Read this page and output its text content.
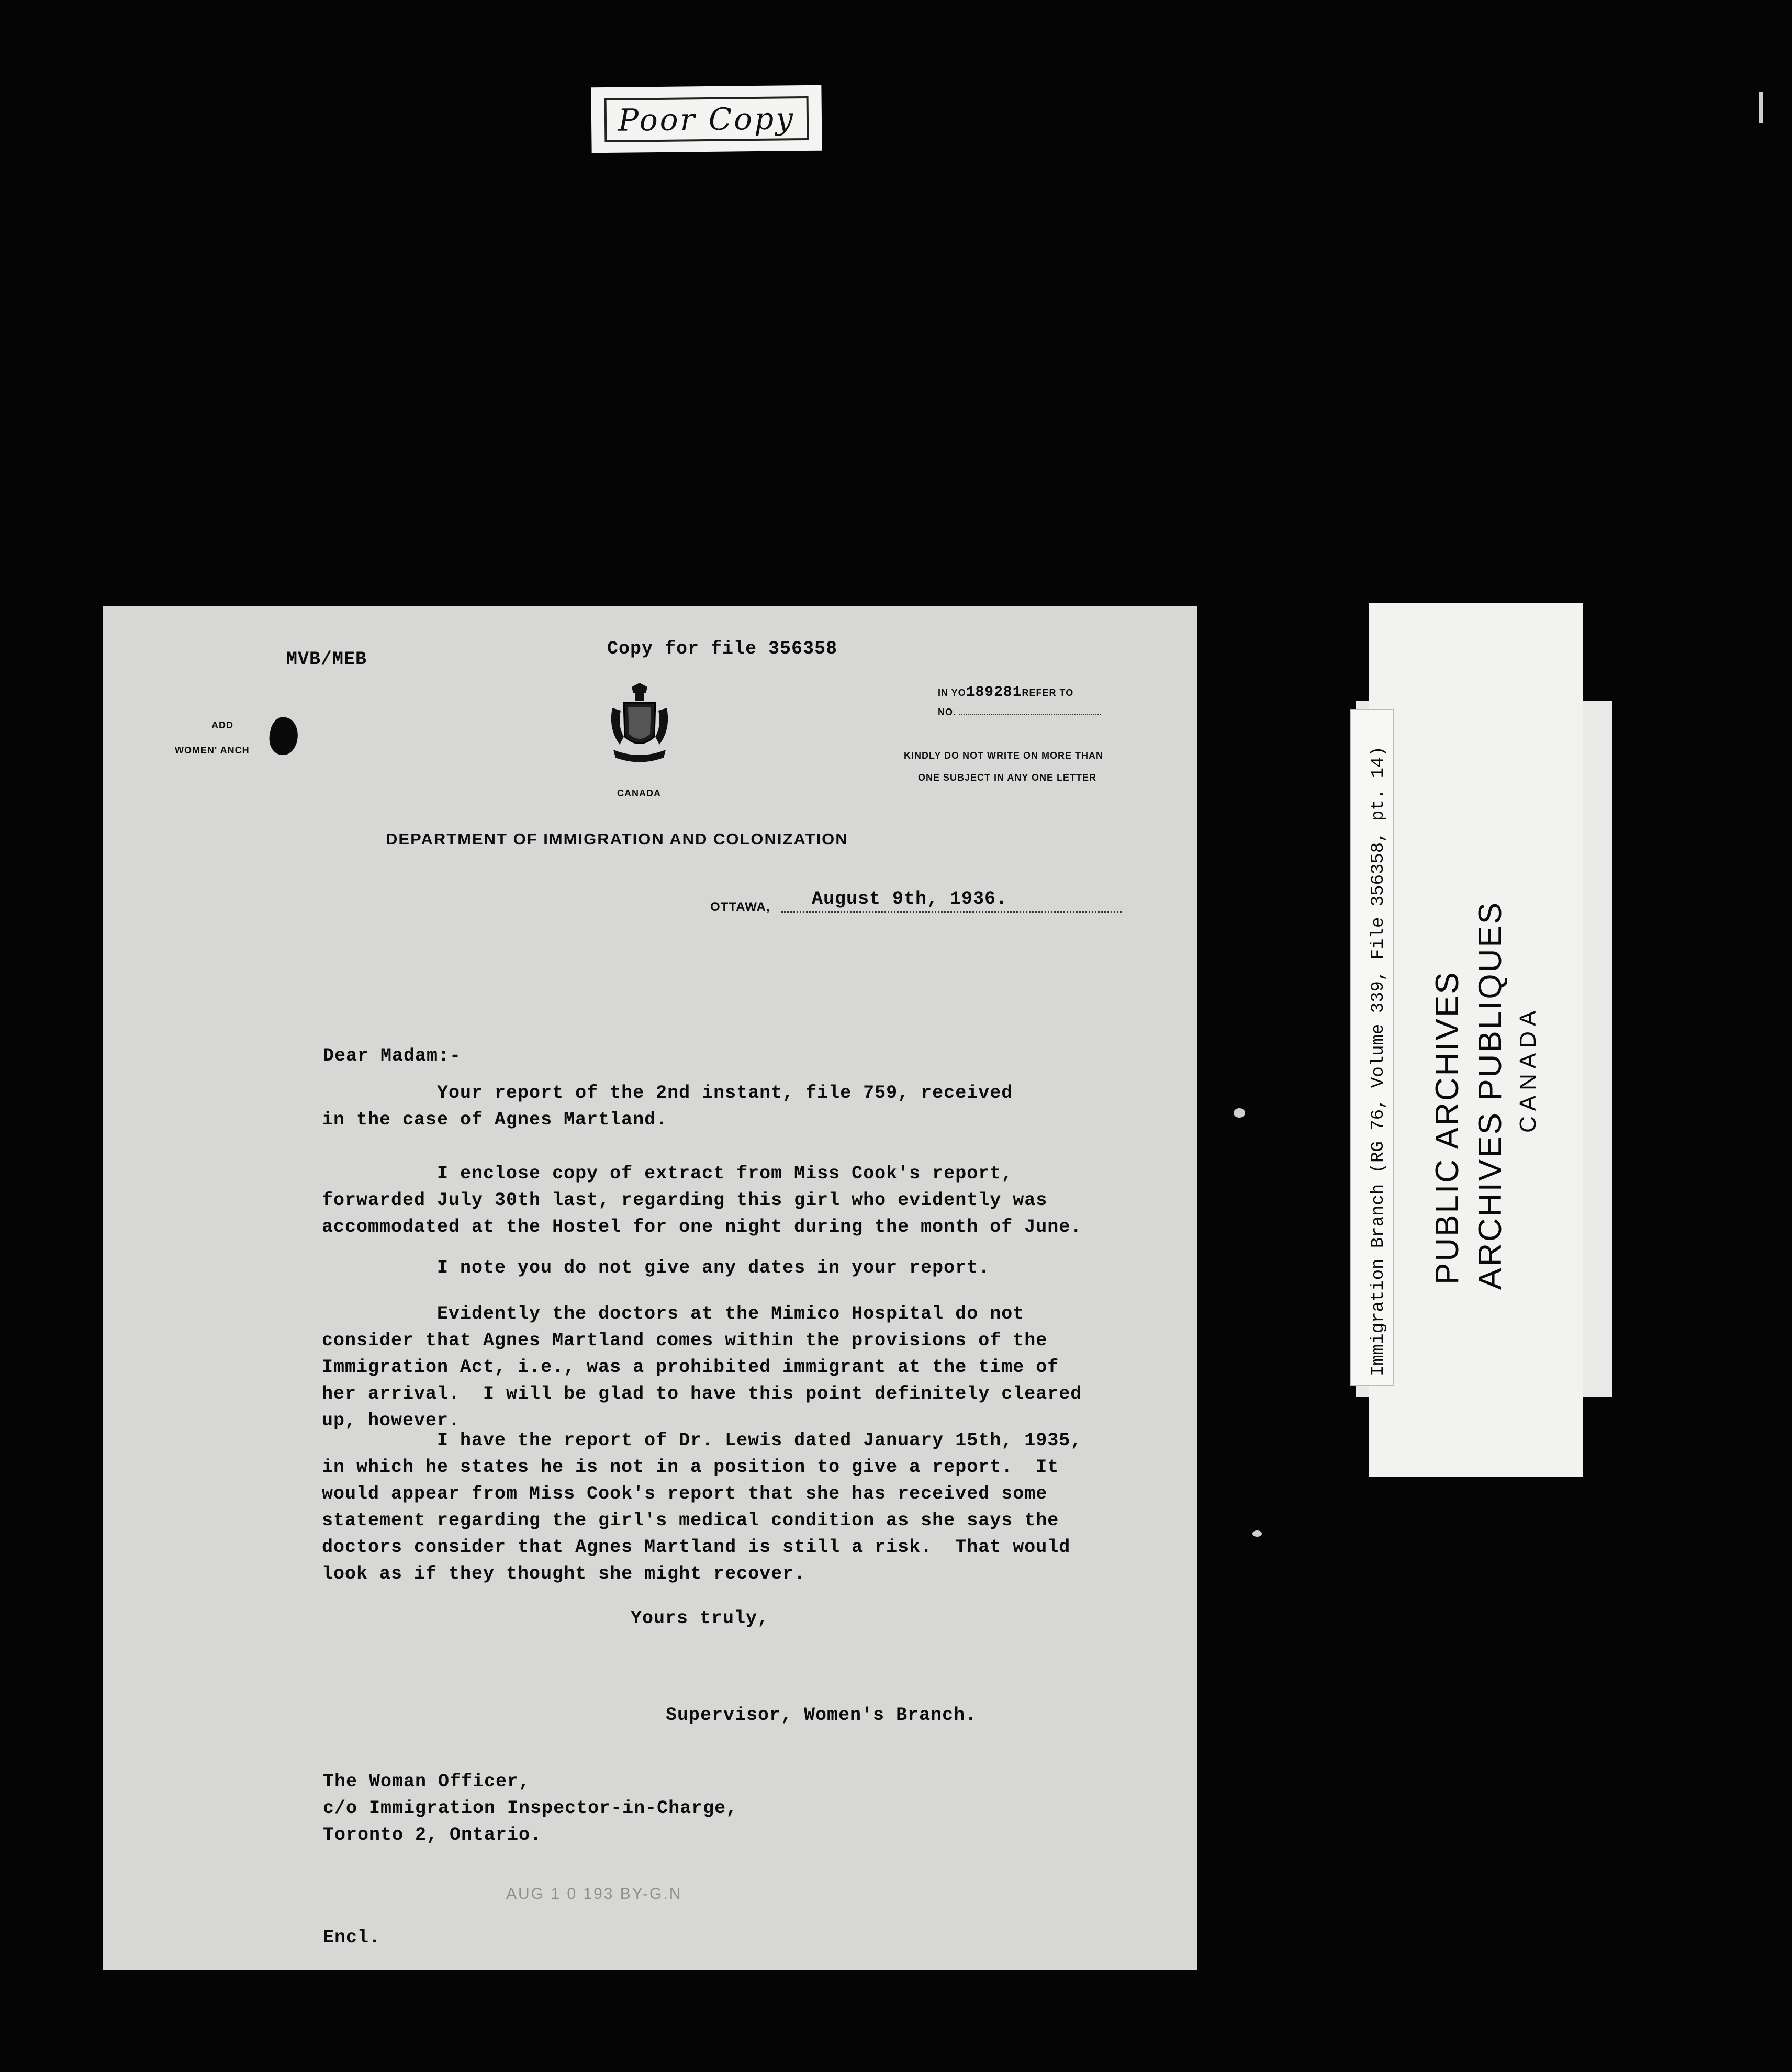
Poor Copy
MVB/MEB	Copy for file 356358
ADD
WOMEN' ANCH
CANADA
IN YO189281REFER TO
NO.
KINDLY DO NOT WRITE ON MORE THAN
ONE SUBJECT IN ANY ONE LETTER
DEPARTMENT OF IMMIGRATION AND COLONIZATION
OTTAWA,	August 9th, 1936.
Dear Madam:-
Your report of the 2nd instant, file 759, received
in the case of Agnes Martland.
I enclose copy of extract from Miss Cook's report,
forwarded July 30th last, regarding this girl who evidently was
accommodated at the Hostel for one night during the month of June.
I note you do not give any dates in your report.
Evidently the doctors at the Mimico Hospital do not
consider that Agnes Martland comes within the provisions of the
Immigration Act, i.e., was a prohibited immigrant at the time of
her arrival.  I will be glad to have this point definitely cleared
up, however.
I have the report of Dr. Lewis dated January 15th, 1935,
in which he states he is not in a position to give a report.  It
would appear from Miss Cook's report that she has received some
statement regarding the girl's medical condition as she says the
doctors consider that Agnes Martland is still a risk.  That would
look as if they thought she might recover.
Yours truly,
Supervisor, Women's Branch.
The Woman Officer,
c/o Immigration Inspector-in-Charge,
Toronto 2, Ontario.
AUG 1 0 193 BY-G.N
Encl.
Immigration Branch (RG 76, Volume 339, File 356358, pt. 14) PUBLIC ARCHIVES ARCHIVES PUBLIQUES CANADA
